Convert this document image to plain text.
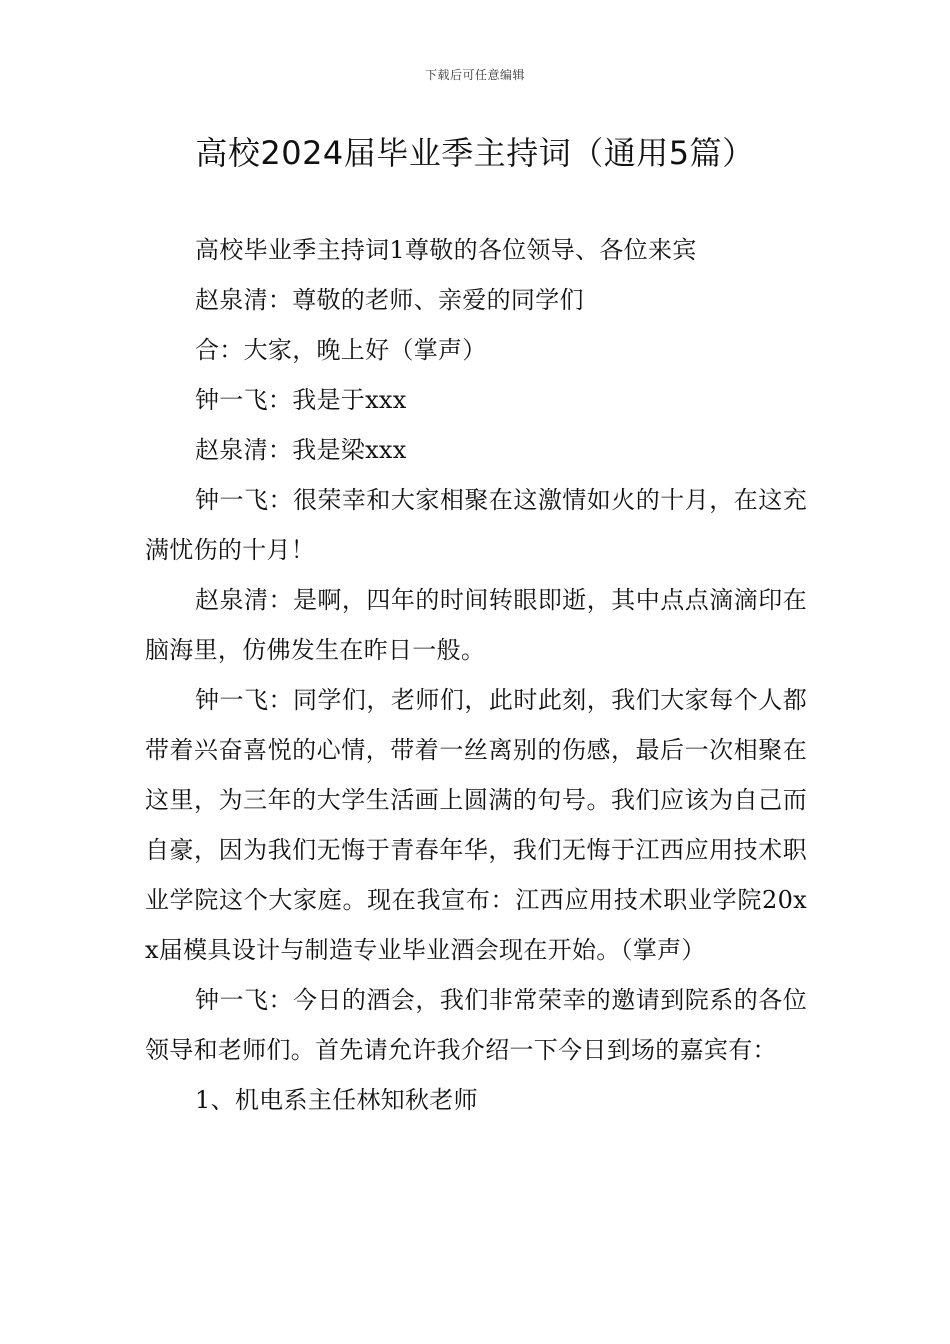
下载后可任意编辑
高校2024届毕业季主持词（通用5篇）

高校毕业季主持词1尊敬的各位领导、各位来宾

赵泉清：尊敬的老师、亲爱的同学们

合：大家，晚上好（掌声）

钟一飞：我是于xxx

赵泉清：我是梁xxx

钟一飞：很荣幸和大家相聚在这激情如火的十月，在这充满忧伤的十月！

赵泉清：是啊，四年的时间转眼即逝，其中点点滴滴印在脑海里，仿佛发生在昨日一般。

钟一飞：同学们，老师们，此时此刻，我们大家每个人都带着兴奋喜悦的心情，带着一丝离别的伤感，最后一次相聚在这里，为三年的大学生活画上圆满的句号。我们应该为自己而自豪，因为我们无悔于青春年华，我们无悔于江西应用技术职业学院这个大家庭。现在我宣布：江西应用技术职业学院20xx届模具设计与制造专业毕业酒会现在开始。（掌声）

钟一飞：今日的酒会，我们非常荣幸的邀请到院系的各位领导和老师们。首先请允许我介绍一下今日到场的嘉宾有：

1、机电系主任林知秋老师
